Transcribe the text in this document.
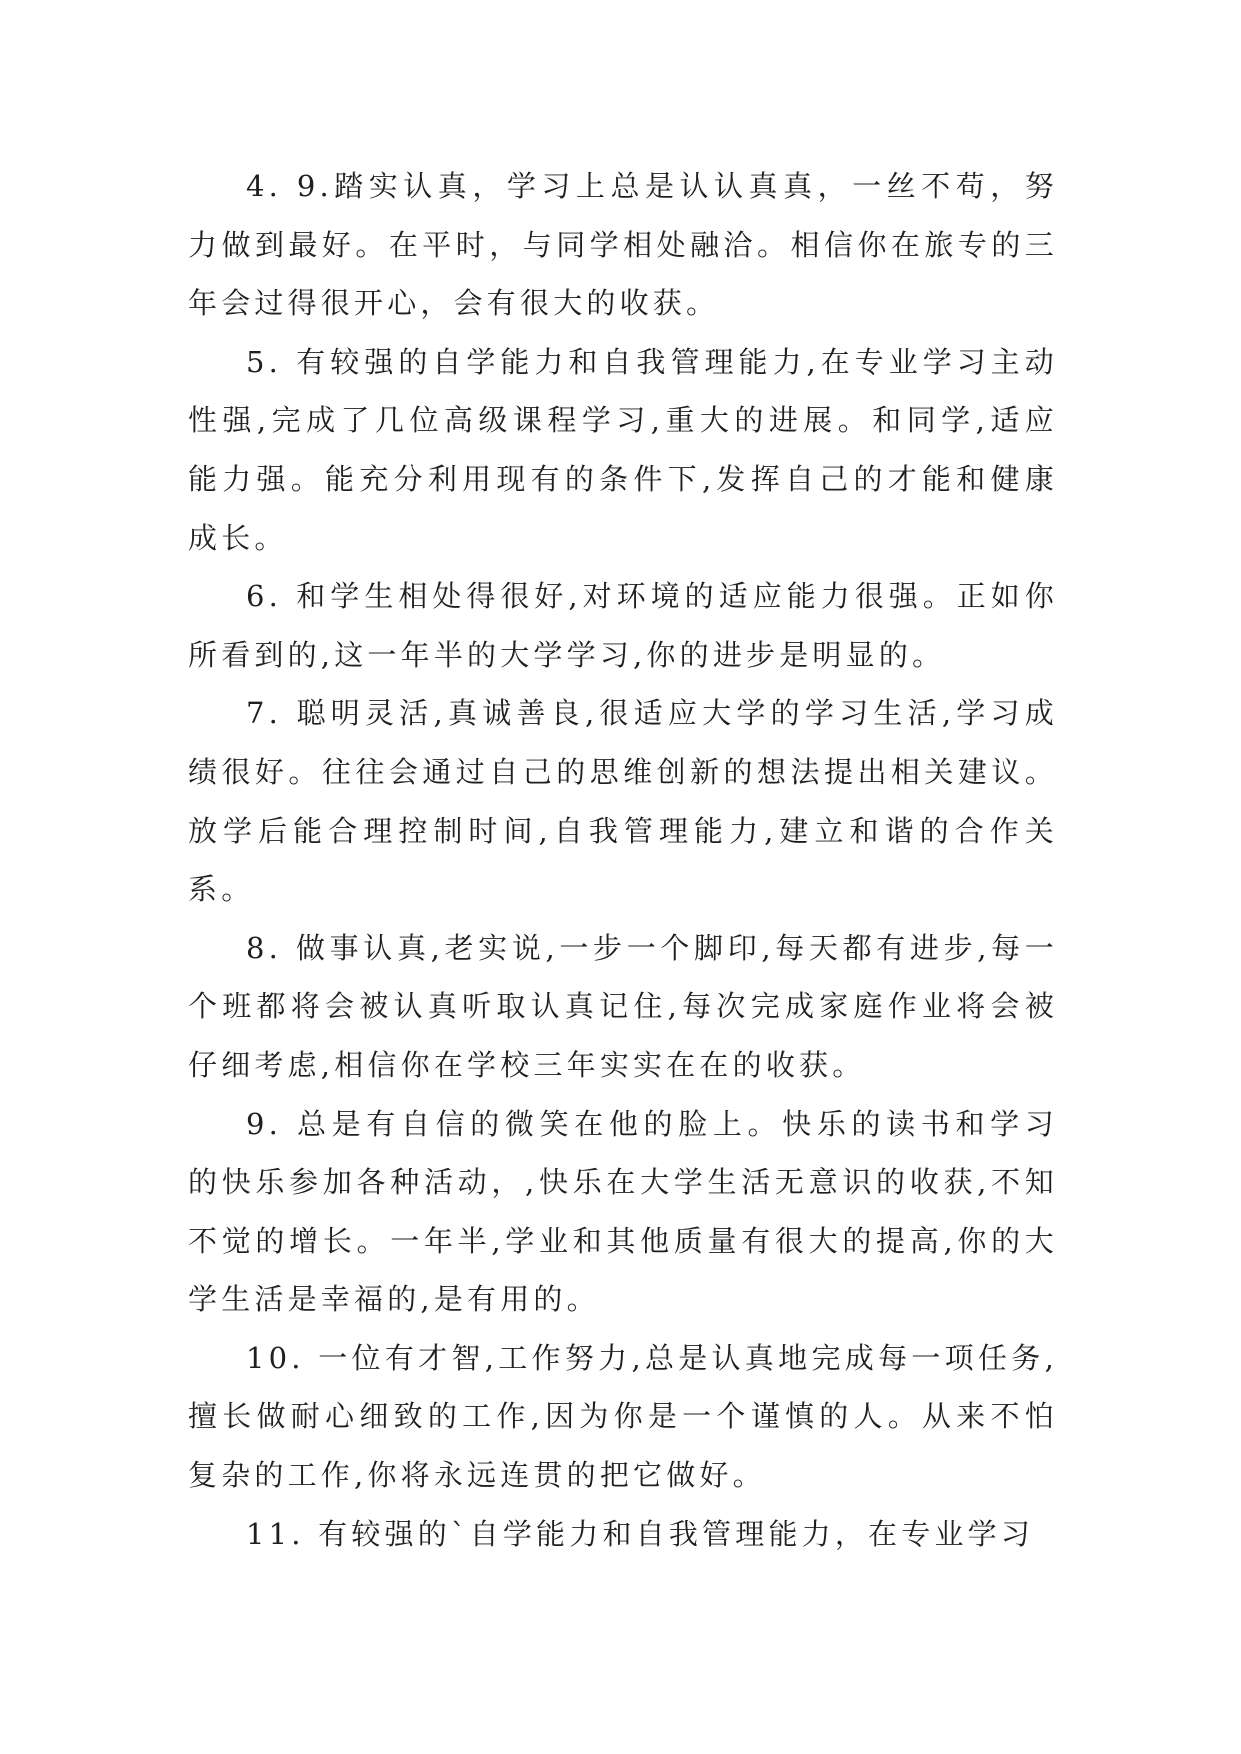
4. 9.踏实认真，学习上总是认认真真，一丝不苟，努力做到最好。在平时，与同学相处融洽。相信你在旅专的三年会过得很开心，会有很大的收获。

5. 有较强的自学能力和自我管理能力,在专业学习主动性强,完成了几位高级课程学习,重大的进展。和同学,适应能力强。能充分利用现有的条件下,发挥自己的才能和健康成长。

6. 和学生相处得很好,对环境的适应能力很强。正如你所看到的,这一年半的大学学习,你的进步是明显的。

7. 聪明灵活,真诚善良,很适应大学的学习生活,学习成绩很好。往往会通过自己的思维创新的想法提出相关建议。放学后能合理控制时间,自我管理能力,建立和谐的合作关系。

8. 做事认真,老实说,一步一个脚印,每天都有进步,每一个班都将会被认真听取认真记住,每次完成家庭作业将会被仔细考虑,相信你在学校三年实实在在的收获。

9. 总是有自信的微笑在他的脸上。快乐的读书和学习的快乐参加各种活动，,快乐在大学生活无意识的收获,不知不觉的增长。一年半,学业和其他质量有很大的提高,你的大学生活是幸福的,是有用的。

10. 一位有才智,工作努力,总是认真地完成每一项任务,擅长做耐心细致的工作,因为你是一个谨慎的人。从来不怕复杂的工作,你将永远连贯的把它做好。

11. 有较强的`自学能力和自我管理能力，在专业学习
